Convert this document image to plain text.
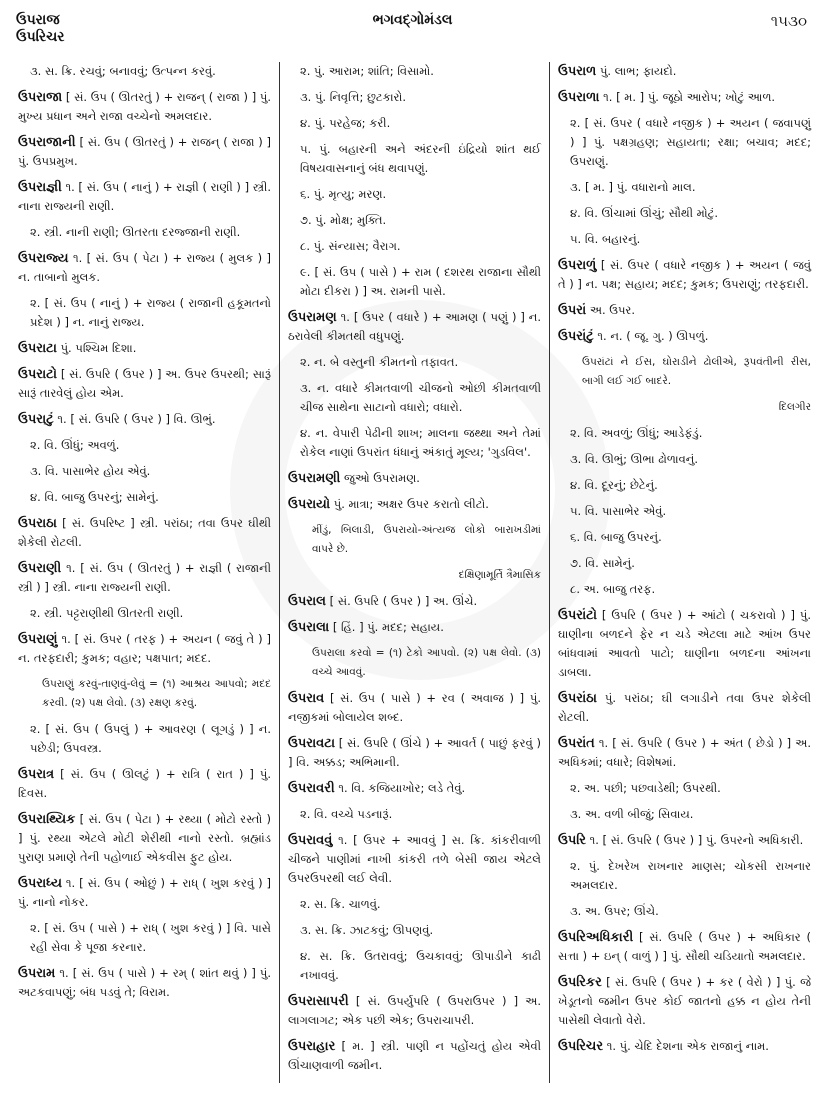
ઉપરાજ
ઉપરિચર
ભગવદ્ગોમંડલ	૧૫૩૦
૩. સ. ક્રિ. રચવું; બનાવવું; ઉત્પન્ન કરવું.
ઉપરાજા [ સં. ઉપ ( ઊતરતું ) + રાજન્ ( રાજા ) ] પું. મુખ્ય પ્રધાન અને રાજા વચ્ચેનો અમલદાર.
ઉપરાજાની [ સં. ઉપ ( ઊતરતું ) + રાજન્ ( રાજા ) ] પું. ઉપપ્રમુખ.
ઉપરાજ્ઞી ૧. [ સં. ઉપ ( નાનું ) + રાજ્ઞી ( રાણી ) ] સ્ત્રી. નાના રાજ્યની રાણી.
૨. સ્ત્રી. નાની રાણી; ઊતરતા દરજ્જાની રાણી.
ઉપરાજ્ય ૧. [ સં. ઉપ ( પેટા ) + રાજ્ય ( મુલક ) ] ન. તાબાનો મુલક.
૨. [ સં. ઉપ ( નાનું ) + રાજ્ય ( રાજાની હકૂમતનો પ્રદેશ ) ] ન. નાનું રાજ્ય.
ઉપરાટા પું. પશ્ચિમ દિશા.
ઉપરાટો [ સં. ઉપરિ ( ઉપર ) ] અ. ઉપર ઉપરથી; સારૂં સારૂં તારવેલું હોય એમ.
ઉપરાટું ૧. [ સં. ઉપરિ ( ઉપર ) ] વિ. ઊભું.
૨. વિ. ઊંધું; અવળું.
૩. વિ. પાસાભેર હોય એવું.
૪. વિ. બાજુ ઉપરનું; સામેનું.
ઉપરાઠા [ સં. ઉપરિષ્ટ ] સ્ત્રી. પરાંઠા; તવા ઉપર ઘીથી શેકેલી રોટલી.
ઉપરાણી ૧. [ સં. ઉપ ( ઊતરતું ) + રાજ્ઞી ( રાજાની સ્ત્રી ) ] સ્ત્રી. નાના રાજ્યની રાણી.
૨. સ્ત્રી. પટ્ટરાણીથી ઊતરતી રાણી.
ઉપરાણું ૧. [ સં. ઉપર ( તરફ ) + અયન ( જવું તે ) ] ન. તરફદારી; કુમક; વહાર; પક્ષપાત; મદદ.
ઉપરાણું કરવું-તાણવું-લેવું = (૧) આશ્રય આપવો; મદદ કરવી. (૨) પક્ષ લેવો. (૩) રક્ષણ કરવું.
૨. [ સં. ઉપ ( ઉપલું ) + આવરણ ( લૂગડું ) ] ન. પછેડી; ઉપવસ્ત્ર.
ઉપરાત્ર [ સં. ઉપ ( ઊલટું ) + રાત્રિ ( રાત ) ] પું. દિવસ.
ઉપરાથ્યિક [ સં. ઉપ ( પેટા ) + રથ્યા ( મોટો રસ્તો ) ] પું. રથ્યા એટલે મોટી શેરીથી નાનો રસ્તો. બ્રહ્માંડ પુરાણ પ્રમાણે તેની પહોળાઈ એકવીસ ફુટ હોય.
ઉપરાધ્ય ૧. [ સં. ઉપ ( ઓછું ) + રાધ્ ( ખુશ કરવું ) ] પું. નાનો નોકર.
૨. [ સં. ઉપ ( પાસે ) + રાધ્ ( ખુશ કરવું ) ] વિ. પાસે રહી સેવા કે પૂજા કરનાર.
ઉપરામ ૧. [ સં. ઉપ ( પાસે ) + રમ્ ( શાંત થવું ) ] પું. અટકવાપણું; બંધ પડવું તે; વિરામ.
૨. પું. આરામ; શાંતિ; વિસામો.
૩. પું. નિવૃત્તિ; છુટકારો.
૪. પું. પરહેજ; કરી.
૫. પું. બહારની અને અંદરની ઇંદ્રિયો શાંત થઈ વિષયવાસનાનું બંધ થવાપણું.
૬. પું. મૃત્યુ; મરણ.
૭. પું. મોક્ષ; મુક્તિ.
૮. પું. સંન્યાસ; વૈરાગ.
૯. [ સં. ઉપ ( પાસે ) + રામ ( દશરથ રાજાના સૌથી મોટા દીકરા ) ] અ. રામની પાસે.
ઉપરામણ ૧. [ ઉપર ( વધારે ) + આમણ ( પણું ) ] ન. ઠરાવેલી કીમતથી વધુપણું.
૨. ન. બે વસ્તુની કીમતનો તફાવત.
૩. ન. વધારે કીમતવાળી ચીજનો ઓછી કીમતવાળી ચીજ સાથેના સાટાનો વધારો; વધારો.
૪. ન. વેપારી પેઢીની શાખ; માલના જથ્થા અને તેમાં રોકેલ નાણાં ઉપરાંત ધંધાનું અંકાતું મૂલ્ય; 'ગુડવિલ'.
ઉપરામણી જુઓ ઉપરામણ.
ઉપરાયો પું. માત્રા; અક્ષર ઉપર કરાતો લીટો.
મીંડું, બિલાડી, ઉપરાયો-અંત્યજ લોકો બારાખડીમાં વાપરે છે.
દક્ષિણામૂર્તિ ત્રૈમાસિક
ઉપરાલ [ સં. ઉપરિ ( ઉપર ) ] અ. ઊંચે.
ઉપરાલા [ હિં. ] પું. મદદ; સહાય.
ઉપરાલા કરવો = (૧) ટેકો આપવો. (૨) પક્ષ લેવો. (૩) વચ્ચે આવવું.
ઉપરાવ [ સં. ઉપ ( પાસે ) + રવ ( અવાજ ) ] પું. નજીકમાં બોલાયેલ શબ્દ.
ઉપરાવટા [ સં. ઉપરિ ( ઊંચે ) + આવર્ત ( પાછું ફરવું ) ] વિ. અક્કડ; અભિમાની.
ઉપરાવરી ૧. વિ. કજિયાખોર; લડે તેવું.
૨. વિ. વચ્ચે પડનારૂં.
ઉપરાવવું ૧. [ ઉપર + આવવું ] સ. ક્રિ. કાંકરીવાળી ચીજને પાણીમાં નાખી કાંકરી તળે બેસી જાય એટલે ઉપરઉપરથી લઈ લેવી.
૨. સ. ક્રિ. ચાળવું.
૩. સ. ક્રિ. ઝાટકવું; ઊપણવું.
૪. સ. ક્રિ. ઉતરાવવું; ઉચકાવવું; ઊપાડીને કાઢી નખાવવું.
ઉપરાસાપરી [ સં. ઉપર્યુપરિ ( ઉપરાઉપર ) ] અ. લાગલાગટ; એક પછી એક; ઉપરાચાપરી.
ઉપરાહાર [ મ. ] સ્ત્રી. પાણી ન પહોંચતું હોય એવી ઊંચાણવાળી જમીન.
ઉપરાળ પું. લાભ; ફાયદો.
ઉપરાળા ૧. [ મ. ] પું. જૂઠો આરોપ; ખોટું આળ.
૨. [ સં. ઉપર ( વધારે નજીક ) + અયન ( જવાપણું ) ] પું. પક્ષગ્રહણ; સહાયતા; રક્ષા; બચાવ; મદદ; ઉપરાણું.
૩. [ મ. ] પું. વધારાનો માલ.
૪. વિ. ઊંચામાં ઊંચું; સૌથી મોટું.
૫. વિ. બહારનું.
ઉપરાળું [ સં. ઉપર ( વધારે નજીક ) + અયન ( જવું તે ) ] ન. પક્ષ; સહાય; મદદ; કુમક; ઉપરાણું; તરફદારી.
ઉપરાં અ. ઉપર.
ઉપરાંટું ૧. ન. ( જૂ. ગુ. ) ઊપળું.
ઉપરાંટાં ને ઈસ, ઘોરાડીને ઢોલીએ, રૂપવંતીની રીસ, બાગી લઈ ગઈ બાદરે.
દિલગીર
૨. વિ. અવળું; ઊંધું; આડેફંડું.
૩. વિ. ઊભું; ઊભા ઢોળાવનું.
૪. વિ. દૂરનું; છેટેનું.
૫. વિ. પાસાભેર એવું.
૬. વિ. બાજુ ઉપરનું.
૭. વિ. સામેનું.
૮. અ. બાજુ તરફ.
ઉપરાંટો [ ઉપરિ ( ઉપર ) + આંટો ( ચકરાવો ) ] પું. ઘાણીના બળદને ફેર ન ચડે એટલા માટે આંખ ઉપર બાંધવામાં આવતો પાટો; ઘાણીના બળદના આંખના ડાબલા.
ઉપરાંઠા પું. પરાંઠા; ઘી લગાડીને તવા ઉપર શેકેલી રોટલી.
ઉપરાંત ૧. [ સં. ઉપરિ ( ઉપર ) + અંત ( છેડો ) ] અ. અધિકમાં; વધારે; વિશેષમાં.
૨. અ. પછી; પછવાડેથી; ઉપરથી.
૩. અ. વળી બીજું; સિવાય.
ઉપરિ ૧. [ સં. ઉપરિ ( ઉપર ) ] પું. ઉપરનો અધિકારી.
૨. પું. દેખરેખ રાખનાર માણસ; ચોકસી રાખનાર અમલદાર.
૩. અ. ઉપર; ઊંચે.
ઉપરિઅધિકારી [ સં. ઉપરિ ( ઉપર ) + અધિકાર ( સત્તા ) + ઇન્ ( વાળું ) ] પું. સૌથી ચડિયાતો અમલદાર.
ઉપરિકર [ સં. ઉપરિ ( ઉપર ) + કર ( વેરો ) ] પું. જે ખેડૂતનો જમીન ઉપર કોઈ જાતનો હક્ક ન હોય તેની પાસેથી લેવાતો વેરો.
ઉપરિચર ૧. પું. ચેદિ દેશના એક રાજાનું નામ.
